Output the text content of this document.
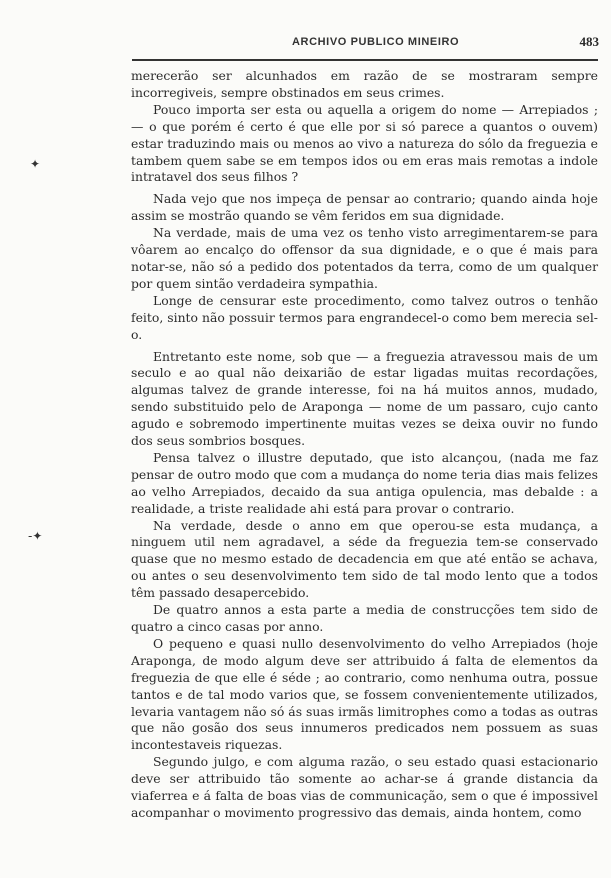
ARCHIVO PUBLICO MINEIRO	483
✦
-✦

merecerão ser alcunhados em razão de se mostraram sempre incorregiveis, sempre obstinados em seus crimes.

Pouco importa ser esta ou aquella a origem do nome — Arrepiados ; — o que porém é certo é que elle por si só parece a quantos o ouvem) estar traduzindo mais ou menos ao vivo a natureza do sólo da freguezia e tambem quem sabe se em tempos idos ou em eras mais remotas a indole intratavel dos seus filhos ?

Nada vejo que nos impeça de pensar ao contrario; quando ainda hoje assim se mostrão quando se vêm feridos em sua dignidade.

Na verdade, mais de uma vez os tenho visto arregimentarem-se para vôarem ao encalço do offensor da sua dignidade, e o que é mais para notar-se, não só a pedido dos potentados da terra, como de um qualquer por quem sintão verdadeira sympathia.

Longe de censurar este procedimento, como talvez outros o tenhão feito, sinto não possuir termos para engrandecel-o como bem merecia sel-o.

Entretanto este nome, sob que — a freguezia atravessou mais de um seculo e ao qual não deixarião de estar ligadas muitas recordações, algumas talvez de grande interesse, foi na há muitos annos, mudado, sendo substituido pelo de Araponga — nome de um passaro, cujo canto agudo e sobremodo impertinente muitas vezes se deixa ouvir no fundo dos seus sombrios bosques.

Pensa talvez o illustre deputado, que isto alcançou, (nada me faz pensar de outro modo que com a mudança do nome teria dias mais felizes ao velho Arrepiados, decaido da sua antiga opulencia, mas debalde : a realidade, a triste realidade ahi está para provar o contrario.

Na verdade, desde o anno em que operou-se esta mudança, a ninguem util nem agradavel, a séde da freguezia tem-se conservado quase que no mesmo estado de decadencia em que até então se achava, ou antes o seu desenvolvimento tem sido de tal modo lento que a todos têm passado desapercebido.

De quatro annos a esta parte a media de construcções tem sido de quatro a cinco casas por anno.

O pequeno e quasi nullo desenvolvimento do velho Arrepiados (hoje Araponga, de modo algum deve ser attribuido á falta de elementos da freguezia de que elle é séde ; ao contrario, como nenhuma outra, possue tantos e de tal modo varios que, se fossem convenientemente utilizados, levaria vantagem não só ás suas irmãs limitrophes como a todas as outras que não gosão dos seus innumeros predicados nem possuem as suas incontestaveis riquezas.

Segundo julgo, e com alguma razão, o seu estado quasi estacionario deve ser attribuido tão somente ao achar-se á grande distancia da viaferrea e á falta de boas vias de communicação, sem o que é impossivel acompanhar o movimento progressivo das demais, ainda hontem, como
